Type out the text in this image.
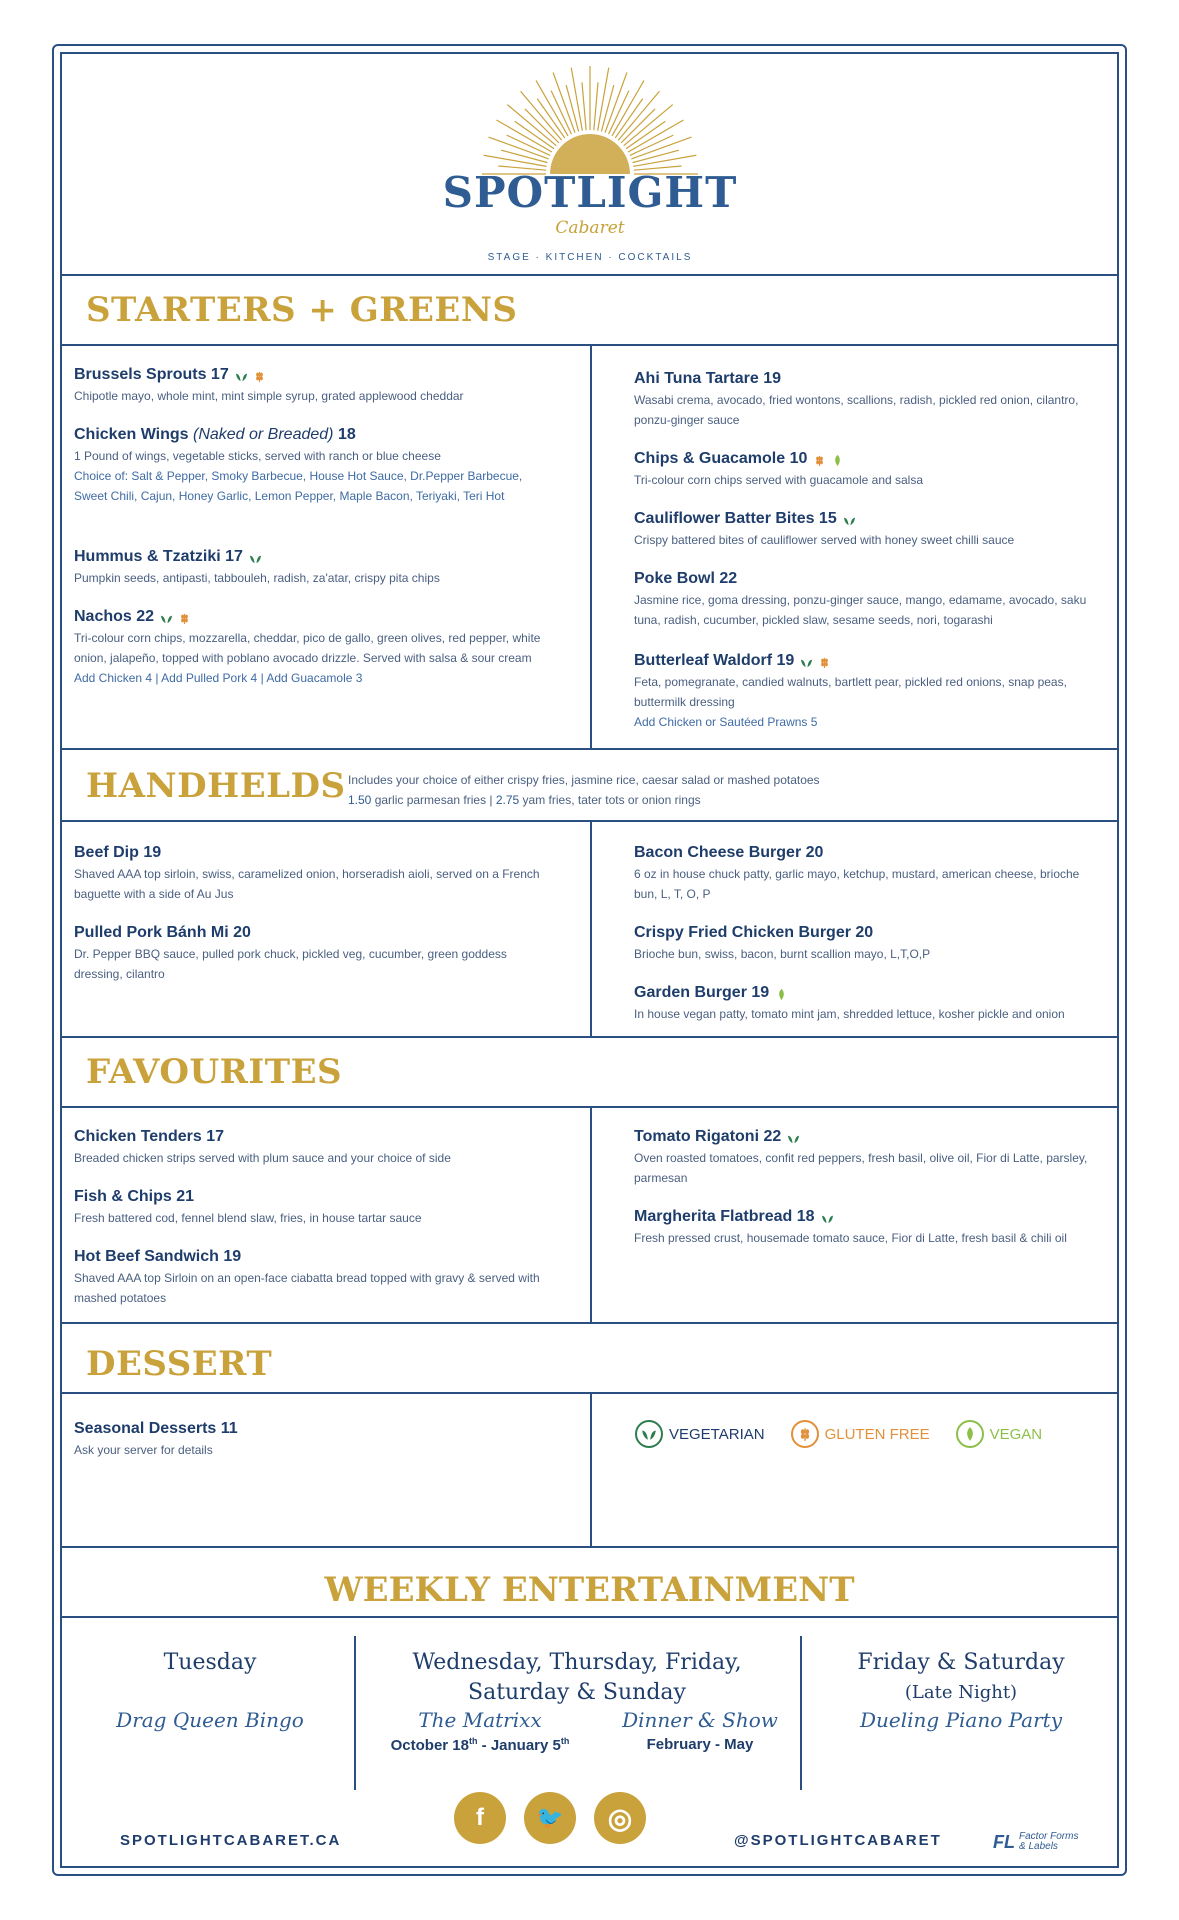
SPOTLIGHT
Cabaret
STAGE · KITCHEN · COCKTAILS
STARTERS + GREENS
Brussels Sprouts 17
Chipotle mayo, whole mint, mint simple syrup, grated applewood cheddar
Chicken Wings (Naked or Breaded) 18
1 Pound of wings, vegetable sticks, served with ranch or blue cheese
Choice of: Salt & Pepper, Smoky Barbecue, House Hot Sauce, Dr.Pepper Barbecue, Sweet Chili, Cajun, Honey Garlic, Lemon Pepper, Maple Bacon, Teriyaki, Teri Hot
Hummus & Tzatziki 17
Pumpkin seeds, antipasti, tabbouleh, radish, za'atar, crispy pita chips
Nachos 22
Tri-colour corn chips, mozzarella, cheddar, pico de gallo, green olives, red pepper, white onion, jalapeño, topped with poblano avocado drizzle. Served with salsa & sour cream
Add Chicken 4 | Add Pulled Pork 4 | Add Guacamole 3
Ahi Tuna Tartare 19
Wasabi crema, avocado, fried wontons, scallions, radish, pickled red onion, cilantro, ponzu-ginger sauce
Chips & Guacamole 10
Tri-colour corn chips served with guacamole and salsa
Cauliflower Batter Bites 15
Crispy battered bites of cauliflower served with honey sweet chilli sauce
Poke Bowl 22
Jasmine rice, goma dressing, ponzu-ginger sauce, mango, edamame, avocado, saku tuna, radish, cucumber, pickled slaw, sesame seeds, nori, togarashi
Butterleaf Waldorf 19
Feta, pomegranate, candied walnuts, bartlett pear, pickled red onions, snap peas, buttermilk dressing
Add Chicken or Sautéed Prawns 5
HANDHELDS Includes your choice of either crispy fries, jasmine rice, caesar salad or mashed potatoes
1.50 garlic parmesan fries | 2.75 yam fries, tater tots or onion rings
Beef Dip 19
Shaved AAA top sirloin, swiss, caramelized onion, horseradish aioli, served on a French baguette with a side of Au Jus
Pulled Pork Bánh Mi 20
Dr. Pepper BBQ sauce, pulled pork chuck, pickled veg, cucumber, green goddess dressing, cilantro
Bacon Cheese Burger 20
6 oz in house chuck patty, garlic mayo, ketchup, mustard, american cheese, brioche bun, L, T, O, P
Crispy Fried Chicken Burger 20
Brioche bun, swiss, bacon, burnt scallion mayo, L,T,O,P
Garden Burger 19
In house vegan patty, tomato mint jam, shredded lettuce, kosher pickle and onion
FAVOURITES
Chicken Tenders 17
Breaded chicken strips served with plum sauce and your choice of side
Fish & Chips 21
Fresh battered cod, fennel blend slaw, fries, in house tartar sauce
Hot Beef Sandwich 19
Shaved AAA top Sirloin on an open-face ciabatta bread topped with gravy & served with mashed potatoes
Tomato Rigatoni 22
Oven roasted tomatoes, confit red peppers, fresh basil, olive oil, Fior di Latte, parsley, parmesan
Margherita Flatbread 18
Fresh pressed crust, housemade tomato sauce, Fior di Latte, fresh basil & chili oil
DESSERT
Seasonal Desserts 11
Ask your server for details
VEGETARIAN	GLUTEN FREE	VEGAN
WEEKLY ENTERTAINMENT
Tuesday
Drag Queen Bingo
Wednesday, Thursday, Friday,
Saturday & Sunday
The Matrixx
October 18th - January 5th
Dinner & Show
February - May
Friday & Saturday
(Late Night)
Dueling Piano Party
SPOTLIGHTCABARET.CA
f	🐦	◎
@SPOTLIGHTCABARET	FL Factor Forms
& Labels
